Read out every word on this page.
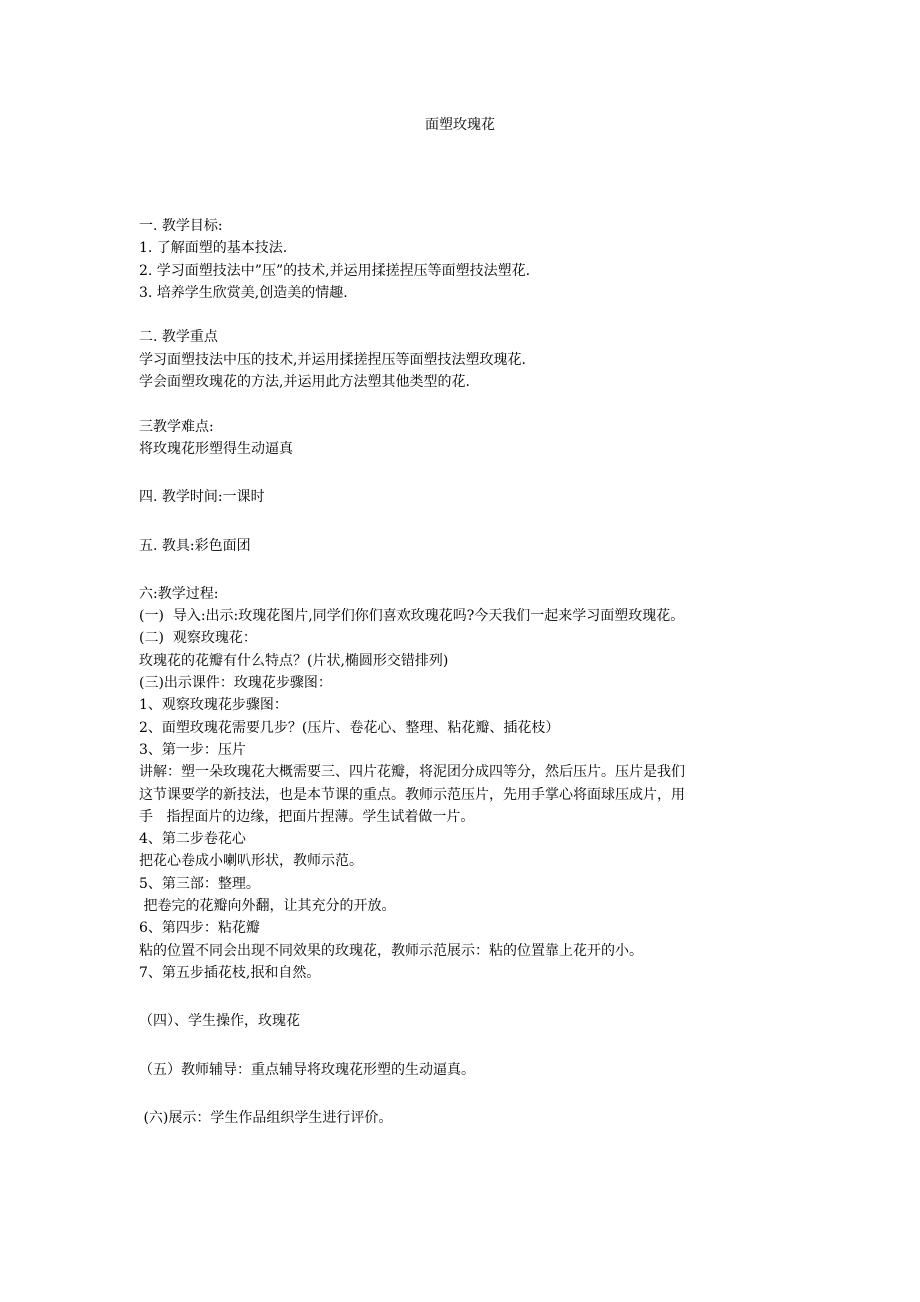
面塑玫瑰花
一. 教学目标:
1. 了解面塑的基本技法.
2. 学习面塑技法中”压”的技术,并运用揉搓捏压等面塑技法塑花.
3. 培养学生欣赏美,创造美的情趣.
二. 教学重点
学习面塑技法中压的技术,并运用揉搓捏压等面塑技法塑玫瑰花.
学会面塑玫瑰花的方法,并运用此方法塑其他类型的花.
三教学难点:
将玫瑰花形塑得生动逼真
四. 教学时间:一课时
五. 教具:彩色面团
六:教学过程:
(一)  导入:出示:玫瑰花图片,同学们你们喜欢玫瑰花吗?今天我们一起来学习面塑玫瑰花。
(二)  观察玫瑰花：
玫瑰花的花瓣有什么特点？(片状,椭圆形交错排列)
(三)出示课件：玫瑰花步骤图：
1、观察玫瑰花步骤图：
2、面塑玫瑰花需要几步？(压片、卷花心、整理、粘花瓣、插花枝）
3、第一步：压片
讲解：塑一朵玫瑰花大概需要三、四片花瓣，将泥团分成四等分，然后压片。压片是我们
这节课要学的新技法，也是本节课的重点。教师示范压片，先用手掌心将面球压成片，用
手   指捏面片的边缘，把面片捏薄。学生试着做一片。
4、第二步卷花心
把花心卷成小喇叭形状，教师示范。
5、第三部：整理。
把卷完的花瓣向外翻，让其充分的开放。
6、第四步：粘花瓣
粘的位置不同会出现不同效果的玫瑰花，教师示范展示：粘的位置靠上花开的小。
7、第五步插花枝,抿和自然。
（四）、学生操作，玫瑰花
（五）教师辅导：重点辅导将玫瑰花形塑的生动逼真。
(六)展示：学生作品组织学生进行评价。
